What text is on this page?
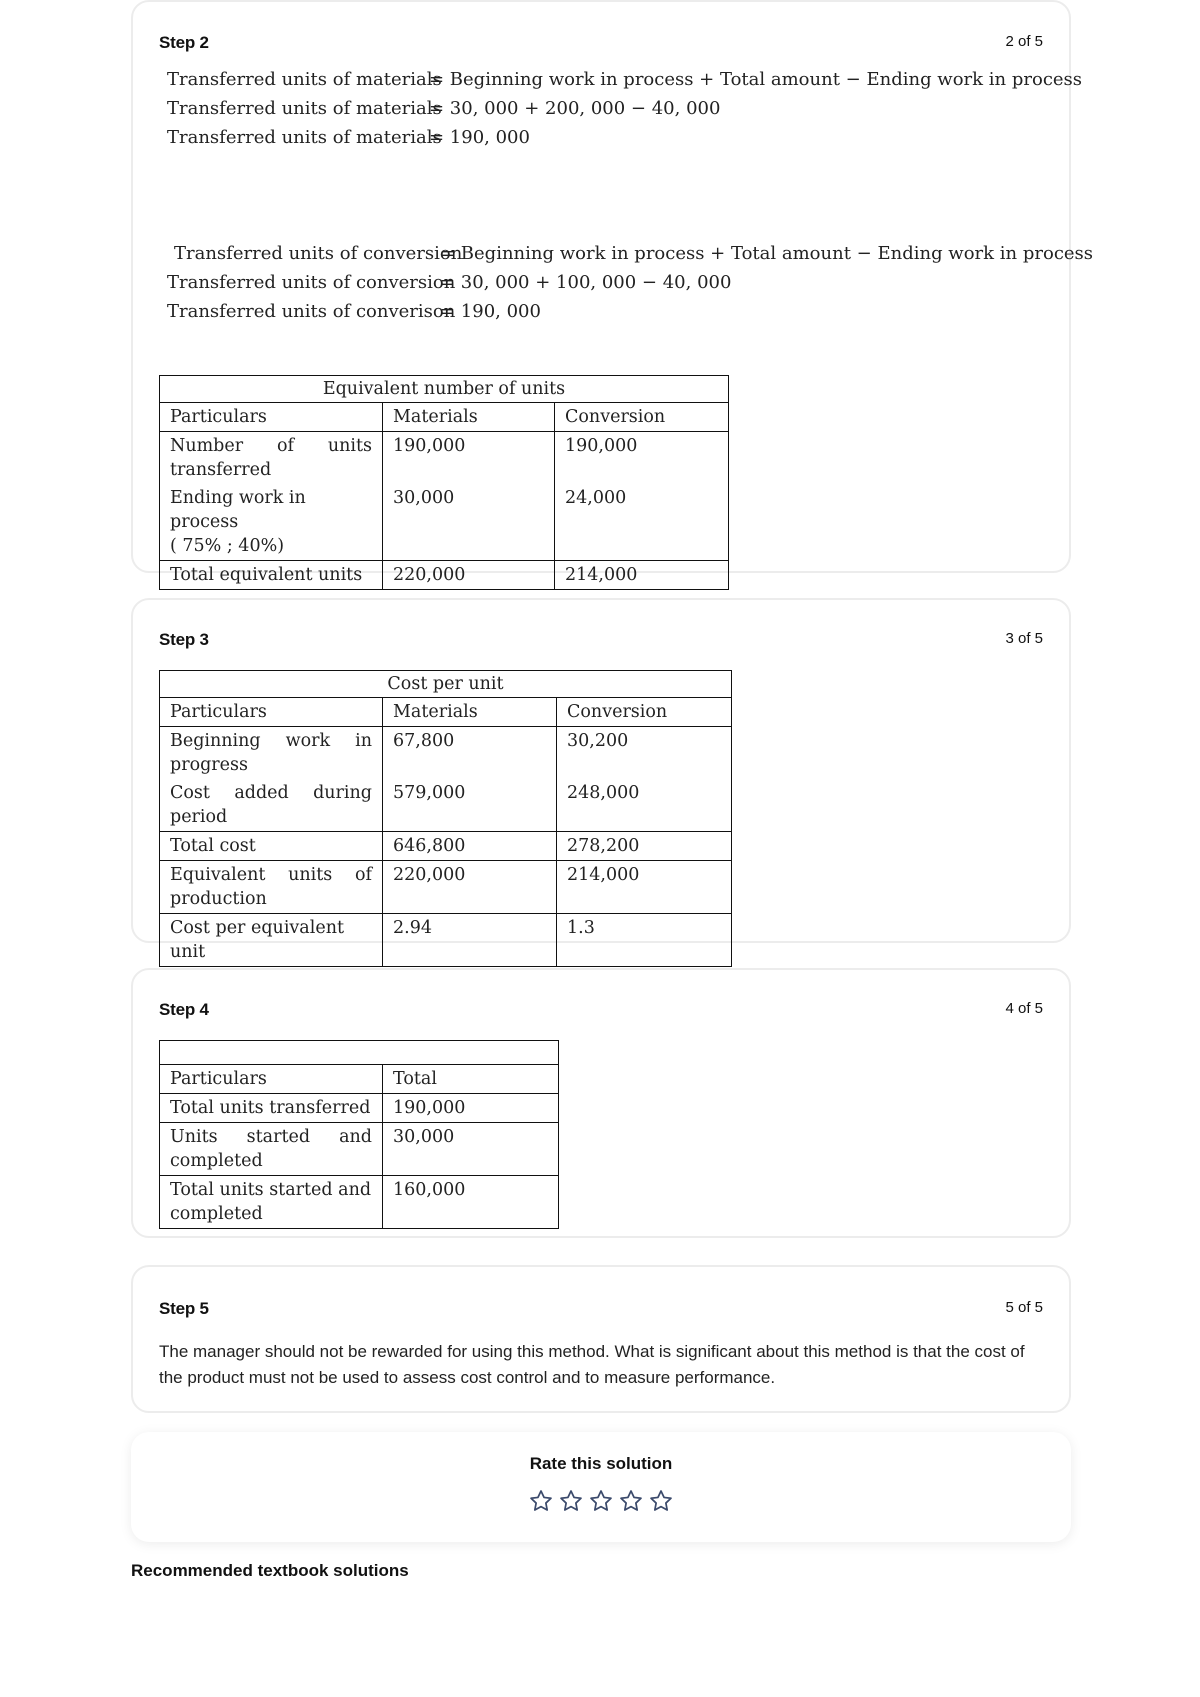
Step 2	2 of 5
Transferred units of materials= Beginning work in process + Total amount − Ending work in process
Transferred units of materials= 30, 000 + 200, 000 − 40, 000
Transferred units of materials= 190, 000
Transferred units of conversion= Beginning work in process + Total amount − Ending work in process
Transferred units of conversion= 30, 000 + 100, 000 − 40, 000
Transferred units of converison= 190, 000
Equivalent number of units		
Particulars	Materials	Conversion

Number of units
transferred	190,000	190,000
Ending work in process
( 75% ; 40%)	30,000	24,000
Total equivalent units	220,000	214,000
Step 3	3 of 5
Cost per unit		
Particulars	Materials	Conversion

Beginning work in
progress	67,800	30,200

Cost added during
period	579,000	248,000
Total cost	646,800	278,200

Equivalent units of
production	220,000	214,000
Cost per equivalent unit	2.94	1.3
Step 4	4 of 5

Particulars	Total
Total units transferred	190,000

Units started and
completed	30,000
Total units started and
completed	160,000
Step 5	5 of 5
The manager should not be rewarded for using this method. What is significant about this method is that the cost of the product must not be used to assess cost control and to measure performance.
Rate this solution
Recommended textbook solutions
